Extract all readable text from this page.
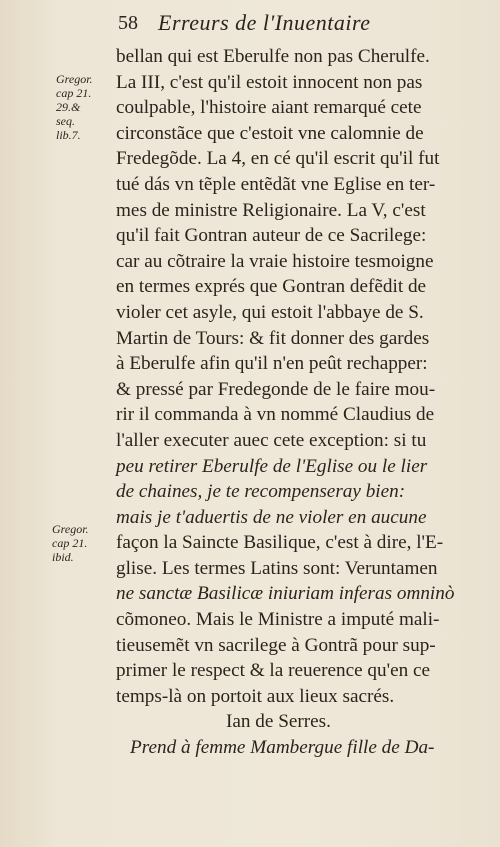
58 Erreurs de l'Inuentaire
Gregor.
cap 21.
29.&
seq.
lib.7.
Gregor.
cap 21.
ibid.
bellan qui est Eberulfe non pas Cherulfe.
La III, c'est qu'il estoit innocent non pas
coulpable, l'histoire aiant remarqué cete
circonstãce que c'estoit vne calomnie de
Fredegõde. La 4, en cé qu'il escrit qu'il fut
tué dás vn tẽple entẽdãt vne Eglise en ter-
mes de ministre Religionaire. La V, c'est
qu'il fait Gontran auteur de ce Sacrilege:
car au cõtraire la vraie histoire tesmoigne
en termes exprés que Gontran defẽdit de
violer cet asyle, qui estoit l'abbaye de S.
Martin de Tours: & fit donner des gardes
à Eberulfe afin qu'il n'en peût rechapper:
& pressé par Fredegonde de le faire mou-
rir il commanda à vn nommé Claudius de
l'aller executer auec cete exception: si tu
peu retirer Eberulfe de l'Eglise ou le lier
de chaines, je te recompenseray bien:
mais je t'aduertis de ne violer en aucune
façon la Saincte Basilique, c'est à dire, l'E-
glise. Les termes Latins sont: Veruntamen
ne sanctæ Basilicæ iniuriam inferas omninò
cõmoneo. Mais le Ministre a imputé mali-
tieusemẽt vn sacrilege à Gontrã pour sup-
primer le respect & la reuerence qu'en ce
temps-là on portoit aux lieux sacrés.
Ian de Serres.
Prend à femme Mambergue fille de Da-
